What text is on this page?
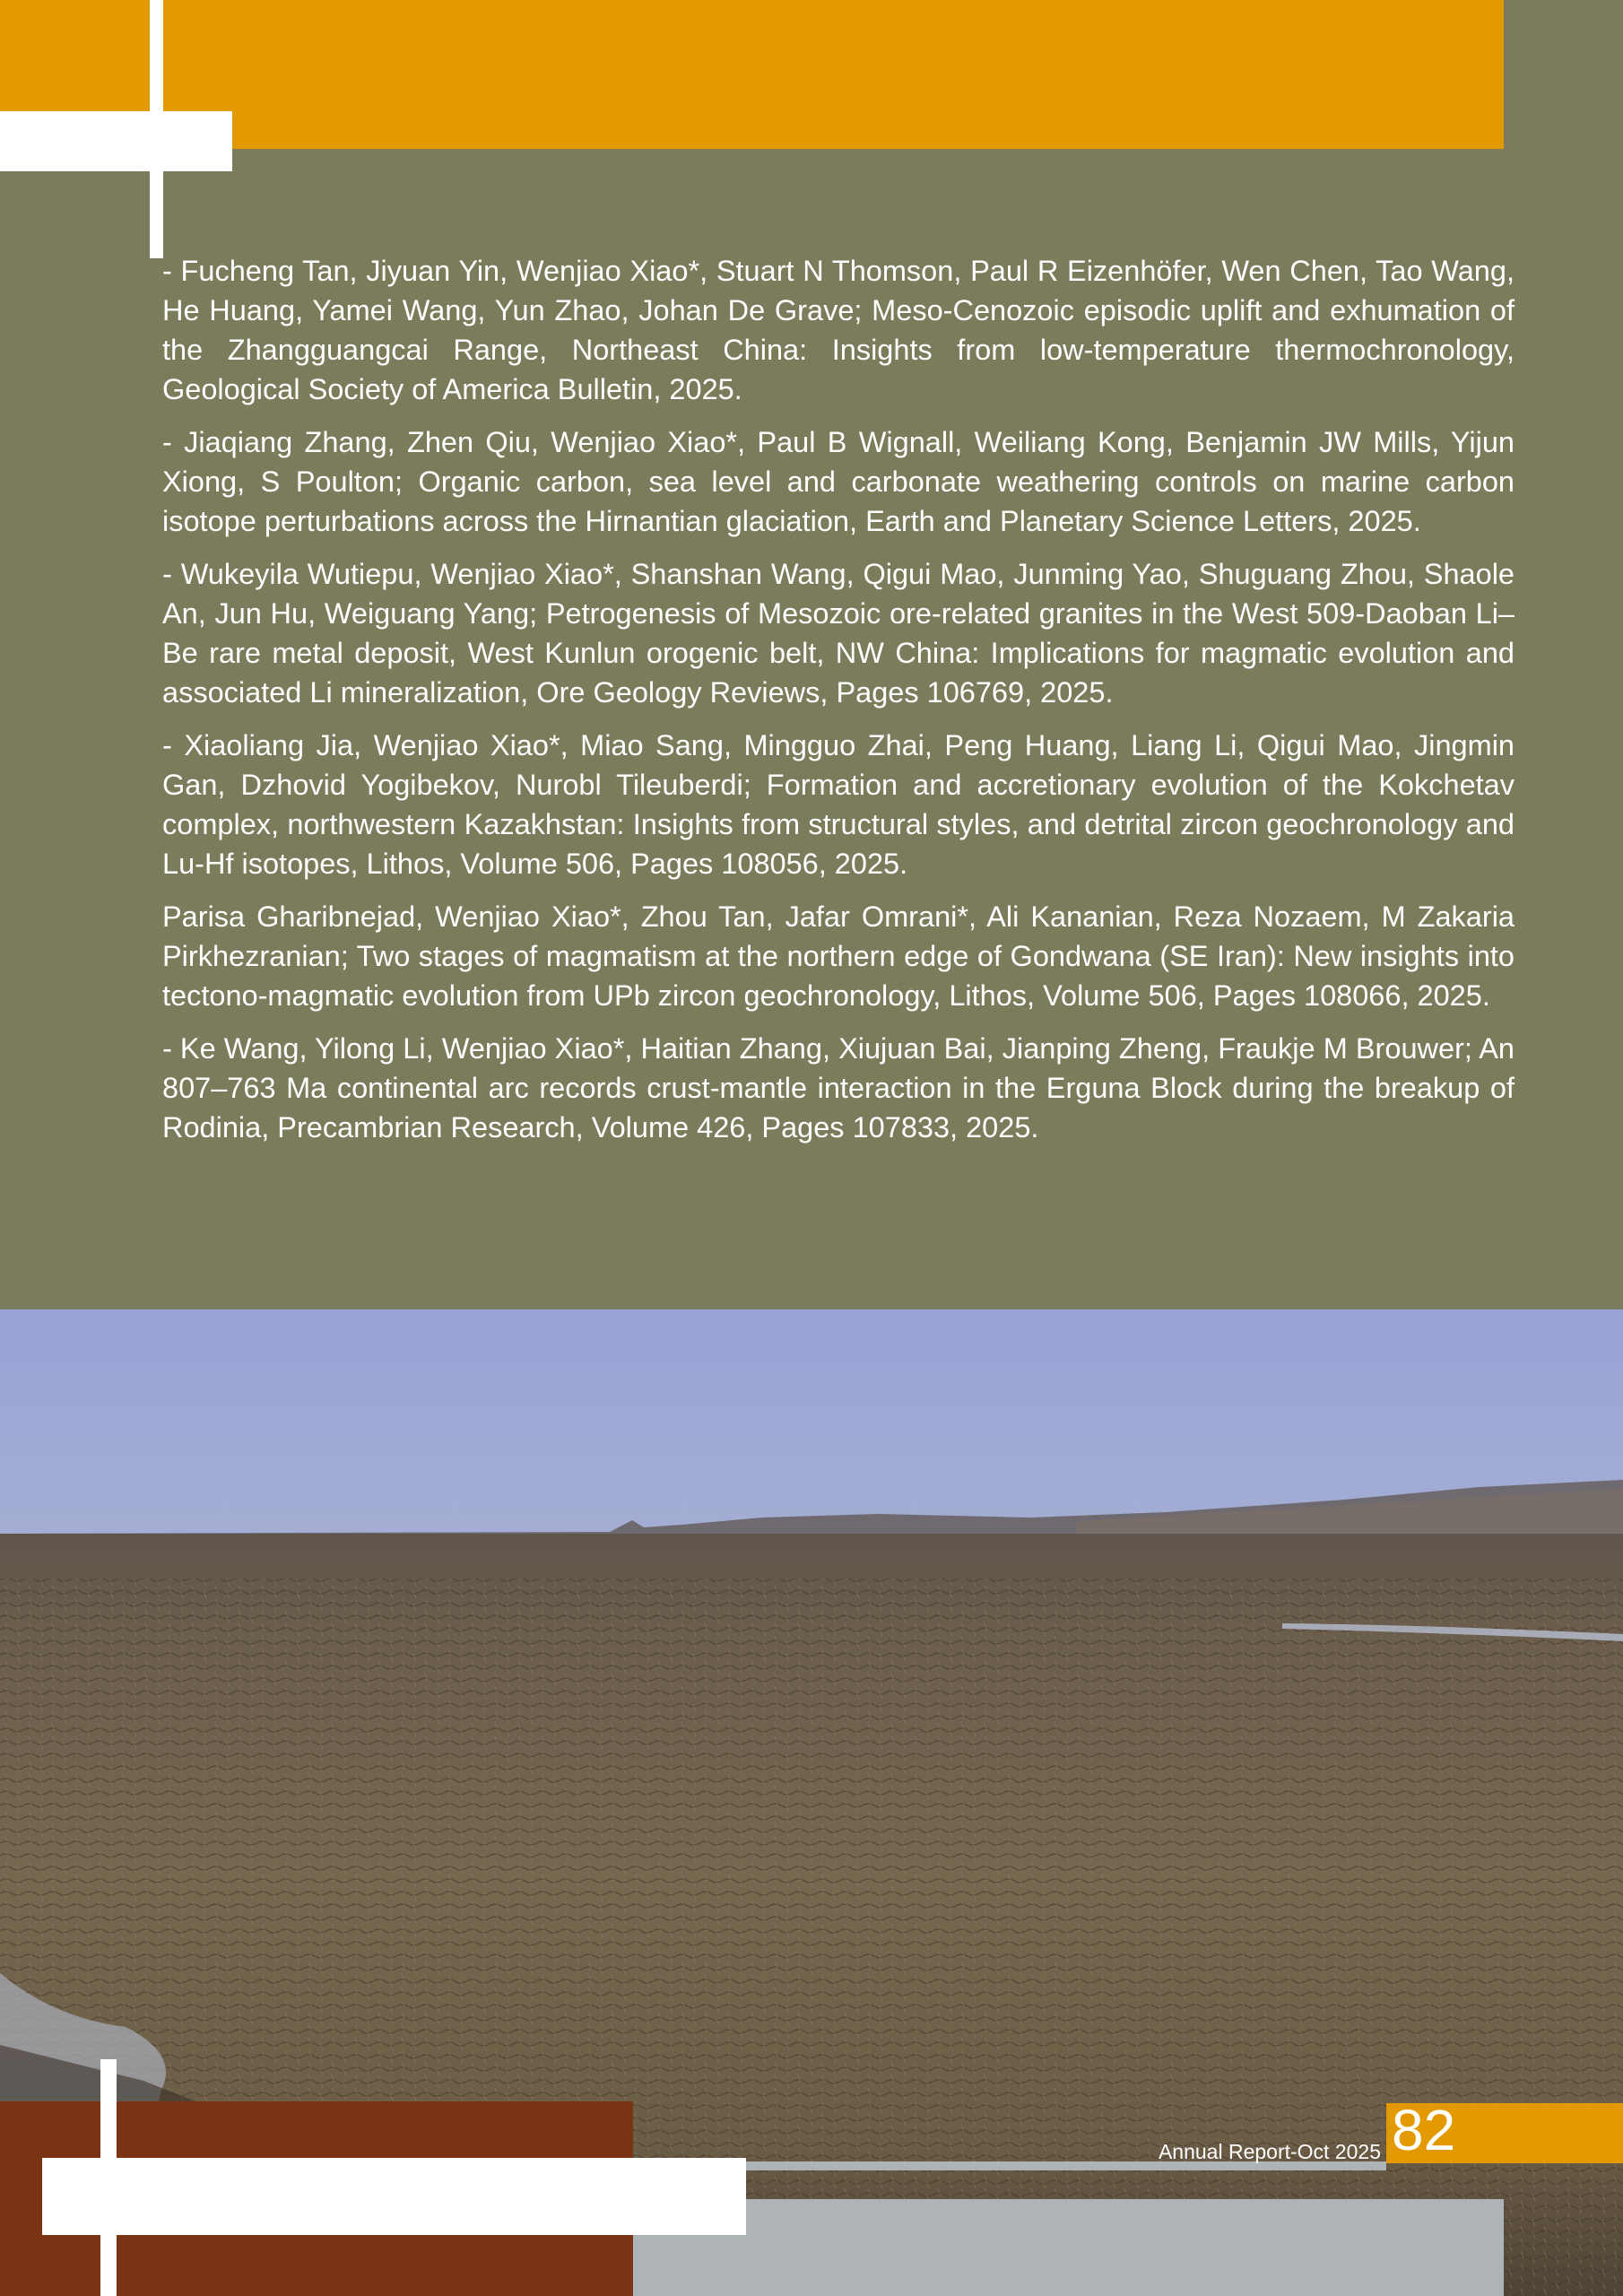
- Fucheng Tan, Jiyuan Yin, Wenjiao Xiao*, Stuart N Thomson, Paul R Eizenhöfer, Wen Chen, Tao Wang, He Huang, Yamei Wang, Yun Zhao, Johan De Grave; Meso-Cenozoic episodic uplift and exhumation of the Zhangguangcai Range, Northeast China: Insights from low-temperature thermochronology, Geological Society of America Bulletin, 2025.

- Jiaqiang Zhang, Zhen Qiu, Wenjiao Xiao*, Paul B Wignall, Weiliang Kong, Benjamin JW Mills, Yijun Xiong, S Poulton; Organic carbon, sea level and carbonate weathering controls on marine carbon isotope perturbations across the Hirnantian glaciation, Earth and Planetary Science Letters, 2025.

- Wukeyila Wutiepu, Wenjiao Xiao*, Shanshan Wang, Qigui Mao, Junming Yao, Shuguang Zhou, Shaole An, Jun Hu, Weiguang Yang; Petrogenesis of Mesozoic ore-related granites in the West 509-Daoban Li–Be rare metal deposit, West Kunlun orogenic belt, NW China: Implications for magmatic evolution and associated Li mineralization, Ore Geology Reviews, Pages 106769, 2025.

- Xiaoliang Jia, Wenjiao Xiao*, Miao Sang, Mingguo Zhai, Peng Huang, Liang Li, Qigui Mao, Jingmin Gan, Dzhovid Yogibekov, Nurobl Tileuberdi; Formation and accretionary evolution of the Kokchetav complex, northwestern Kazakhstan: Insights from structural styles, and detrital zircon geochronology and Lu-Hf isotopes, Lithos, Volume 506, Pages 108056, 2025.

Parisa Gharibnejad, Wenjiao Xiao*, Zhou Tan, Jafar Omrani*, Ali Kananian, Reza Nozaem, M Zakaria Pirkhezranian; Two stages of magmatism at the northern edge of Gondwana (SE Iran): New insights into tectono-magmatic evolution from UPb zircon geochronology, Lithos, Volume 506, Pages 108066, 2025.

- Ke Wang, Yilong Li, Wenjiao Xiao*, Haitian Zhang, Xiujuan Bai, Jianping Zheng, Fraukje M Brouwer; An 807–763 Ma continental arc records crust-mantle interaction in the Erguna Block during the breakup of Rodinia, Precambrian Research, Volume 426, Pages 107833, 2025.

Annual Report-Oct 2025 82
